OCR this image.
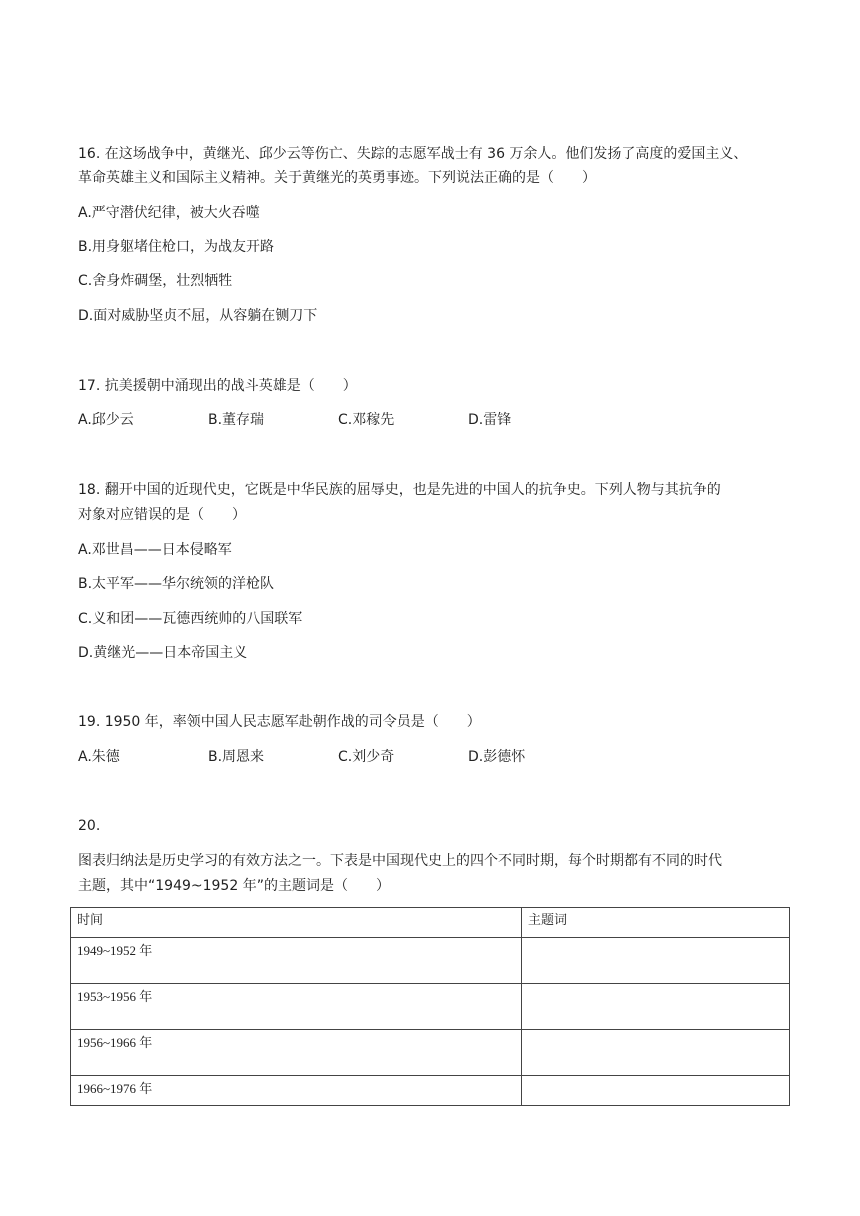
16. 在这场战争中，黄继光、邱少云等伤亡、失踪的志愿军战士有 36 万余人。他们发扬了高度的爱国主义、
革命英雄主义和国际主义精神。关于黄继光的英勇事迹。下列说法正确的是（　　）
A.严守潜伏纪律，被大火吞噬
B.用身躯堵住枪口，为战友开路
C.舍身炸碉堡，壮烈牺牲
D.面对威胁坚贞不屈，从容躺在铡刀下
17. 抗美援朝中涌现出的战斗英雄是（　　）
A.邱少云	B.董存瑞	C.邓稼先	D.雷锋
18. 翻开中国的近现代史，它既是中华民族的屈辱史，也是先进的中国人的抗争史。下列人物与其抗争的
对象对应错误的是（　　）
A.邓世昌——日本侵略军
B.太平军——华尔统领的洋枪队
C.义和团——瓦德西统帅的八国联军
D.黄继光——日本帝国主义
19. 1950 年，率领中国人民志愿军赴朝作战的司令员是（　　）
A.朱德	B.周恩来	C.刘少奇	D.彭德怀
20.
图表归纳法是历史学习的有效方法之一。下表是中国现代史上的四个不同时期，每个时期都有不同的时代
主题，其中“1949~1952 年”的主题词是（　　）
时间	主题词
1949~1952 年	
1953~1956 年	
1956~1966 年	
1966~1976 年	
